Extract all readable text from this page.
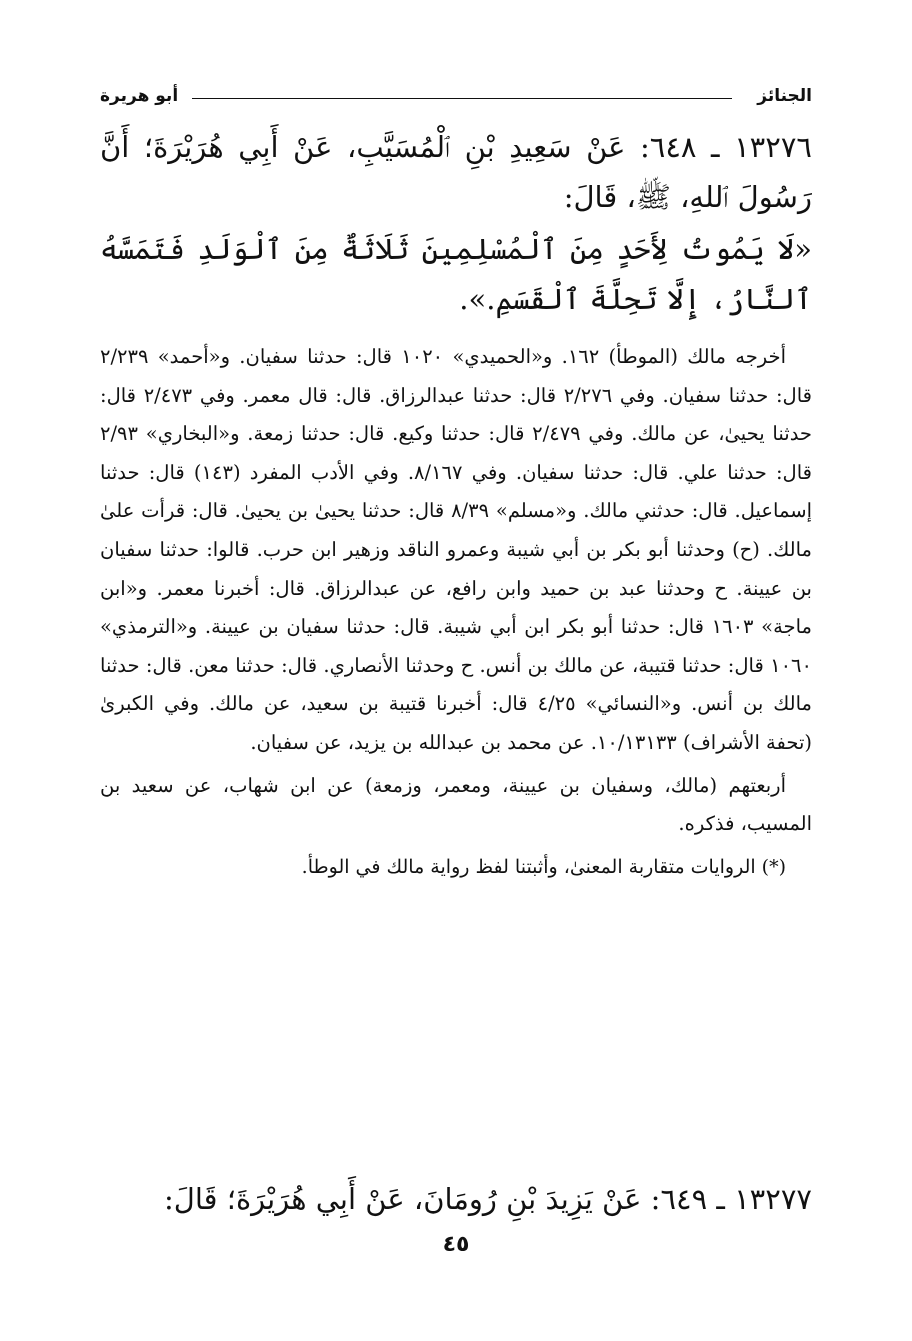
الجنائز
أبو هريرة

١٣٢٧٦ ـ ٦٤٨: عَنْ سَعِيدِ بْنِ ٱلْمُسَيَّبِ، عَنْ أَبِي هُرَيْرَةَ؛ أَنَّ رَسُولَ ٱللهِ، ﷺ، قَالَ:

«لَا يَمُوتُ لِأَحَدٍ مِنَ ٱلْمُسْلِمِينَ ثَلَاثَةٌ مِنَ ٱلْوَلَدِ فَتَمَسَّهُ ٱلنَّارُ، إِلَّا تَحِلَّةَ ٱلْقَسَمِ.».

أخرجه مالك (الموطأ) ١٦٢. و«الحميدي» ١٠٢٠ قال: حدثنا سفيان. و«أحمد» ٢/٢٣٩ قال: حدثنا سفيان. وفي ٢/٢٧٦ قال: حدثنا عبدالرزاق. قال: قال معمر. وفي ٢/٤٧٣ قال: حدثنا يحيىٰ، عن مالك. وفي ٢/٤٧٩ قال: حدثنا وكيع. قال: حدثنا زمعة. و«البخاري» ٢/٩٣ قال: حدثنا علي. قال: حدثنا سفيان. وفي ٨/١٦٧. وفي الأدب المفرد (١٤٣) قال: حدثنا إسماعيل. قال: حدثني مالك. و«مسلم» ٨/٣٩ قال: حدثنا يحيىٰ بن يحيىٰ. قال: قرأت علىٰ مالك. (ح) وحدثنا أبو بكر بن أبي شيبة وعمرو الناقد وزهير ابن حرب. قالوا: حدثنا سفيان بن عيينة. ح وحدثنا عبد بن حميد وابن رافع، عن عبدالرزاق. قال: أخبرنا معمر. و«ابن ماجة» ١٦٠٣ قال: حدثنا أبو بكر ابن أبي شيبة. قال: حدثنا سفيان بن عيينة. و«الترمذي» ١٠٦٠ قال: حدثنا قتيبة، عن مالك بن أنس. ح وحدثنا الأنصاري. قال: حدثنا معن. قال: حدثنا مالك بن أنس. و«النسائي» ٤/٢٥ قال: أخبرنا قتيبة بن سعيد، عن مالك. وفي الكبرىٰ (تحفة الأشراف) ١٠/١٣١٣٣. عن محمد بن عبدالله بن يزيد، عن سفيان.

أربعتهم (مالك، وسفيان بن عيينة، ومعمر، وزمعة) عن ابن شهاب، عن سعيد بن المسيب، فذكره.

(*) الروايات متقاربة المعنىٰ، وأثبتنا لفظ رواية مالك في الوطأ.

١٣٢٧٧ ـ ٦٤٩: عَنْ يَزِيدَ بْنِ رُومَانَ، عَنْ أَبِي هُرَيْرَةَ؛ قَالَ:
٤٥
